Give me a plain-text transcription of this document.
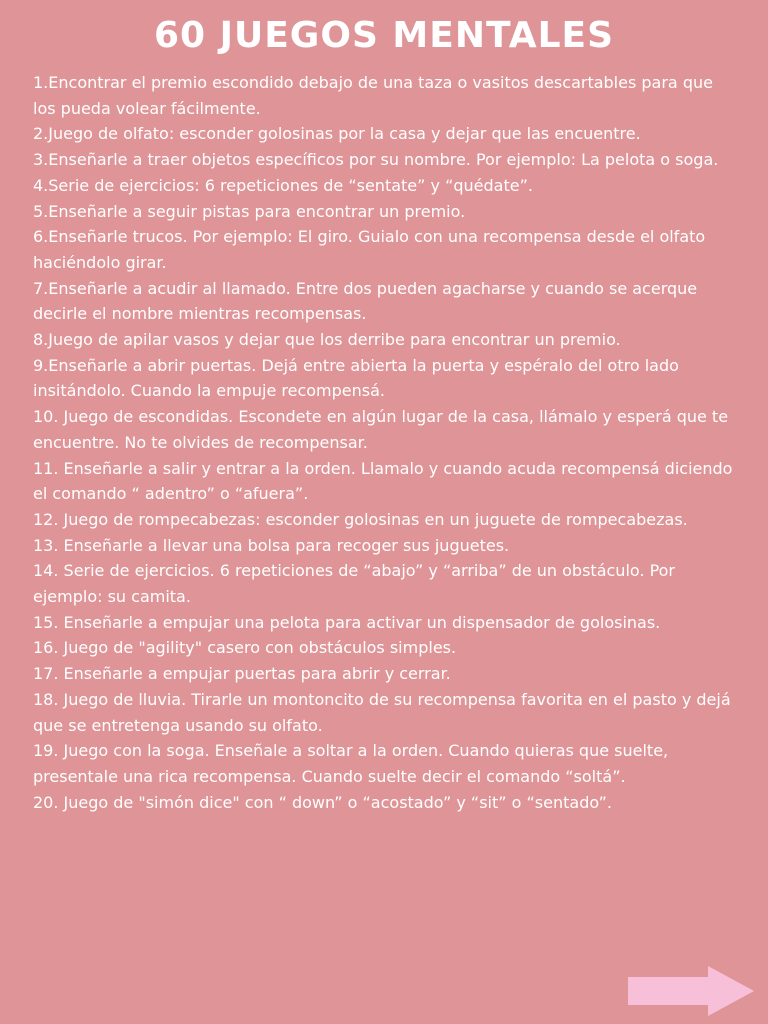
60 JUEGOS MENTALES
1.Encontrar el premio escondido debajo de una taza o vasitos descartables para que los pueda volear fácilmente.
2.Juego de olfato: esconder golosinas por la casa y dejar que las encuentre.
3.Enseñarle a traer objetos específicos por su nombre. Por ejemplo: La pelota o soga.
4.Serie de ejercicios: 6 repeticiones de “sentate” y “quédate”.
5.Enseñarle a seguir pistas para encontrar un premio.
6.Enseñarle trucos. Por ejemplo: El giro. Guialo con una recompensa desde el olfato haciéndolo girar.
7.Enseñarle a acudir al llamado. Entre dos pueden agacharse y cuando se acerque decirle el nombre mientras recompensas.
8.Juego de apilar vasos y dejar que los derribe para encontrar un premio.
9.Enseñarle a abrir puertas. Dejá entre abierta la puerta y espéralo del otro lado insitándolo. Cuando la empuje recompensá.
10. Juego de escondidas. Escondete en algún lugar de la casa, llámalo y esperá que te encuentre. No te olvides de recompensar.
11. Enseñarle a salir y entrar a la orden. Llamalo y cuando acuda recompensá diciendo el comando “ adentro” o “afuera”.
12. Juego de rompecabezas: esconder golosinas en un juguete de rompecabezas.
13. Enseñarle a llevar una bolsa para recoger sus juguetes.
14. Serie de ejercicios. 6 repeticiones de “abajo” y “arriba” de un obstáculo. Por ejemplo: su camita.
15. Enseñarle a empujar una pelota para activar un dispensador de golosinas.
16. Juego de "agility" casero con obstáculos simples.
17. Enseñarle a empujar puertas para abrir y cerrar.
18. Juego de lluvia. Tirarle un montoncito de su recompensa favorita en el pasto y dejá que se entretenga usando su olfato.
19. Juego con la soga. Enseñale a soltar a la orden. Cuando quieras que suelte, presentale una rica recompensa. Cuando suelte decir el comando “soltá”.
20. Juego de "simón dice" con “ down” o “acostado” y “sit” o “sentado”.
